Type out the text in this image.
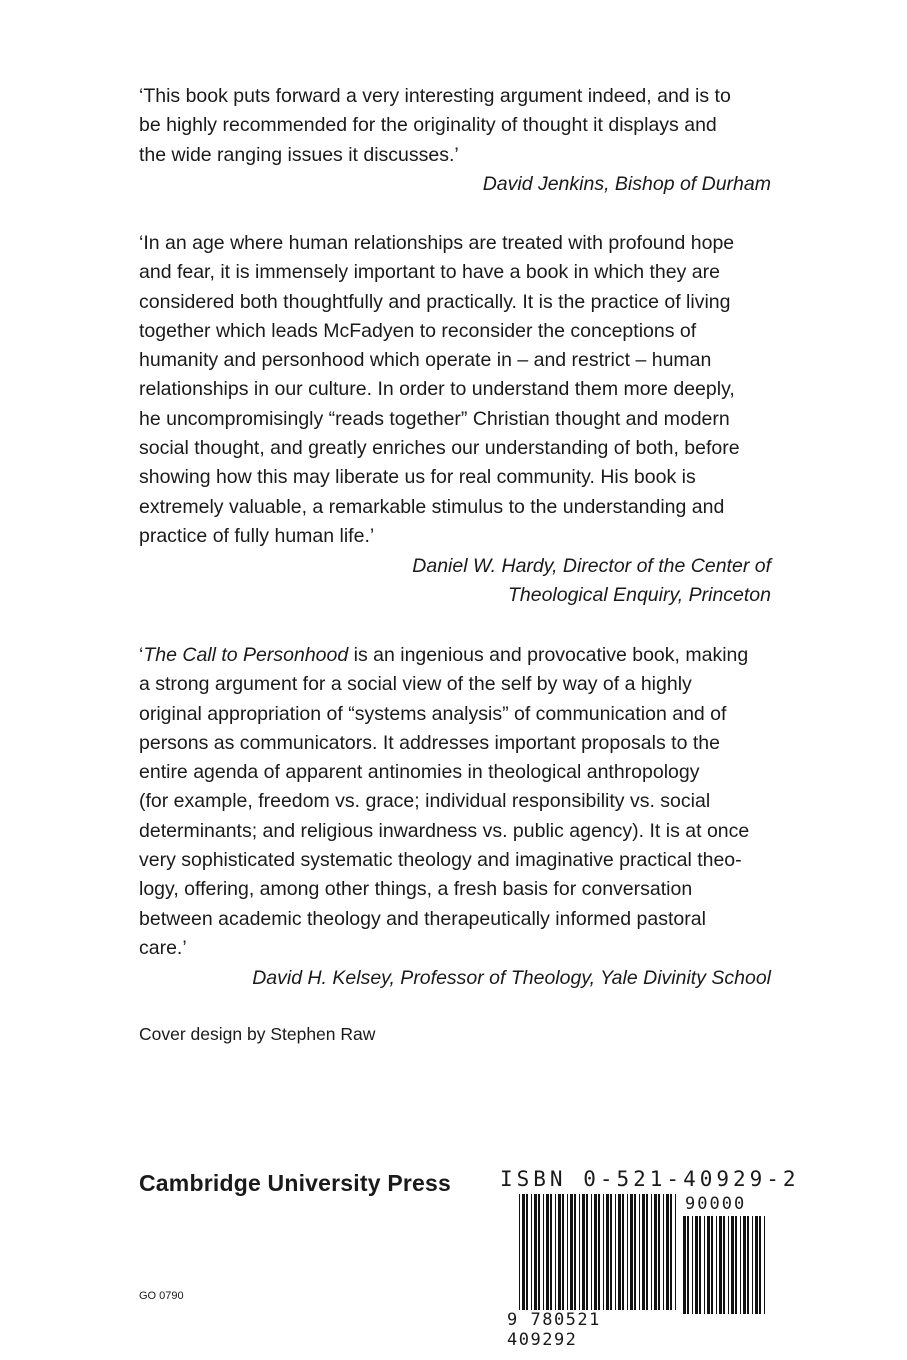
‘This book puts forward a very interesting argument indeed, and is to
be highly recommended for the originality of thought it displays and
the wide ranging issues it discusses.’

David Jenkins, Bishop of Durham

‘In an age where human relationships are treated with profound hope
and fear, it is immensely important to have a book in which they are
considered both thoughtfully and practically. It is the practice of living
together which leads McFadyen to reconsider the conceptions of
humanity and personhood which operate in – and restrict – human
relationships in our culture. In order to understand them more deeply,
he uncompromisingly “reads together” Christian thought and modern
social thought, and greatly enriches our understanding of both, before
showing how this may liberate us for real community. His book is
extremely valuable, a remarkable stimulus to the understanding and
practice of fully human life.’

Daniel W. Hardy, Director of the Center of
Theological Enquiry, Princeton

‘The Call to Personhood is an ingenious and provocative book, making
a strong argument for a social view of the self by way of a highly
original appropriation of “systems analysis” of communication and of
persons as communicators. It addresses important proposals to the
entire agenda of apparent antinomies in theological anthropology
(for example, freedom vs. grace; individual responsibility vs. social
determinants; and religious inwardness vs. public agency). It is at once
very sophisticated systematic theology and imaginative practical theo-
logy, offering, among other things, a fresh basis for conversation
between academic theology and therapeutically informed pastoral
care.’

David H. Kelsey, Professor of Theology, Yale Divinity School
Cover design by Stephen Raw
Cambridge University Press
GO 0790
ISBN 0-521-40929-2
90000
9 780521 409292
